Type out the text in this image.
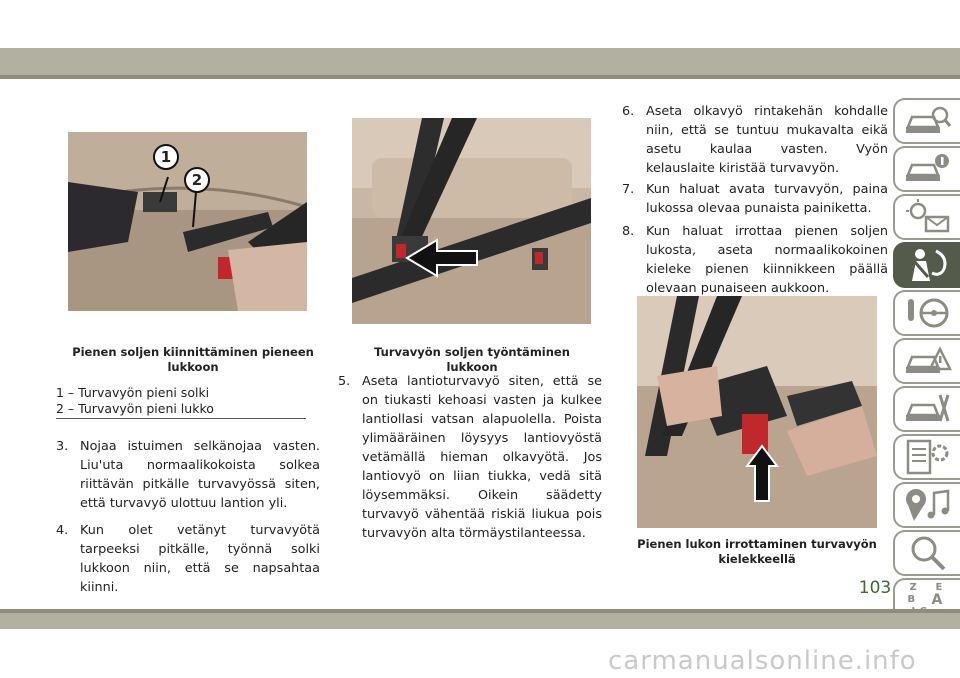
1
2
Pienen soljen kiinnittäminen pieneen lukkoon
1 – Turvavyön pieni solki
2 – Turvavyön pieni lukko
Turvavyön soljen työntäminen lukkoon
Pienen lukon irrottaminen turvavyön kielekkeellä
3. Nojaa istuimen selkänojaa vasten. Liu'uta normaalikokoista solkea riittävän pitkälle turvavyössä siten, että turvavyö ulottuu lantion yli.
4. Kun olet vetänyt turvavyötä tarpeeksi pitkälle, työnnä solki lukkoon niin, että se napsahtaa kiinni.
5. Aseta lantioturvavyö siten, että se on tiukasti kehoasi vasten ja kulkee lantiollasi vatsan alapuolella. Poista ylimääräinen löysyys lantiovyöstä vetämällä hieman olkavyötä. Jos lantiovyö on liian tiukka, vedä sitä löysemmäksi. Oikein säädetty turvavyö vähentää riskiä liukua pois turvavyön alta törmäystilanteessa.
6. Aseta olkavyö rintakehän kohdalle niin, että se tuntuu mukavalta eikä asetu kaulaa vasten. Vyön kelauslaite kiristää turvavyön.
7. Kun haluat avata turvavyön, paina lukossa olevaa punaista painiketta.
8. Kun haluat irrottaa pienen soljen lukosta, aseta normaalikokoinen kieleke pienen kiinnikkeen päällä olevaan punaiseen aukkoon.
Z E
B A
103
carmanualsonline.info
